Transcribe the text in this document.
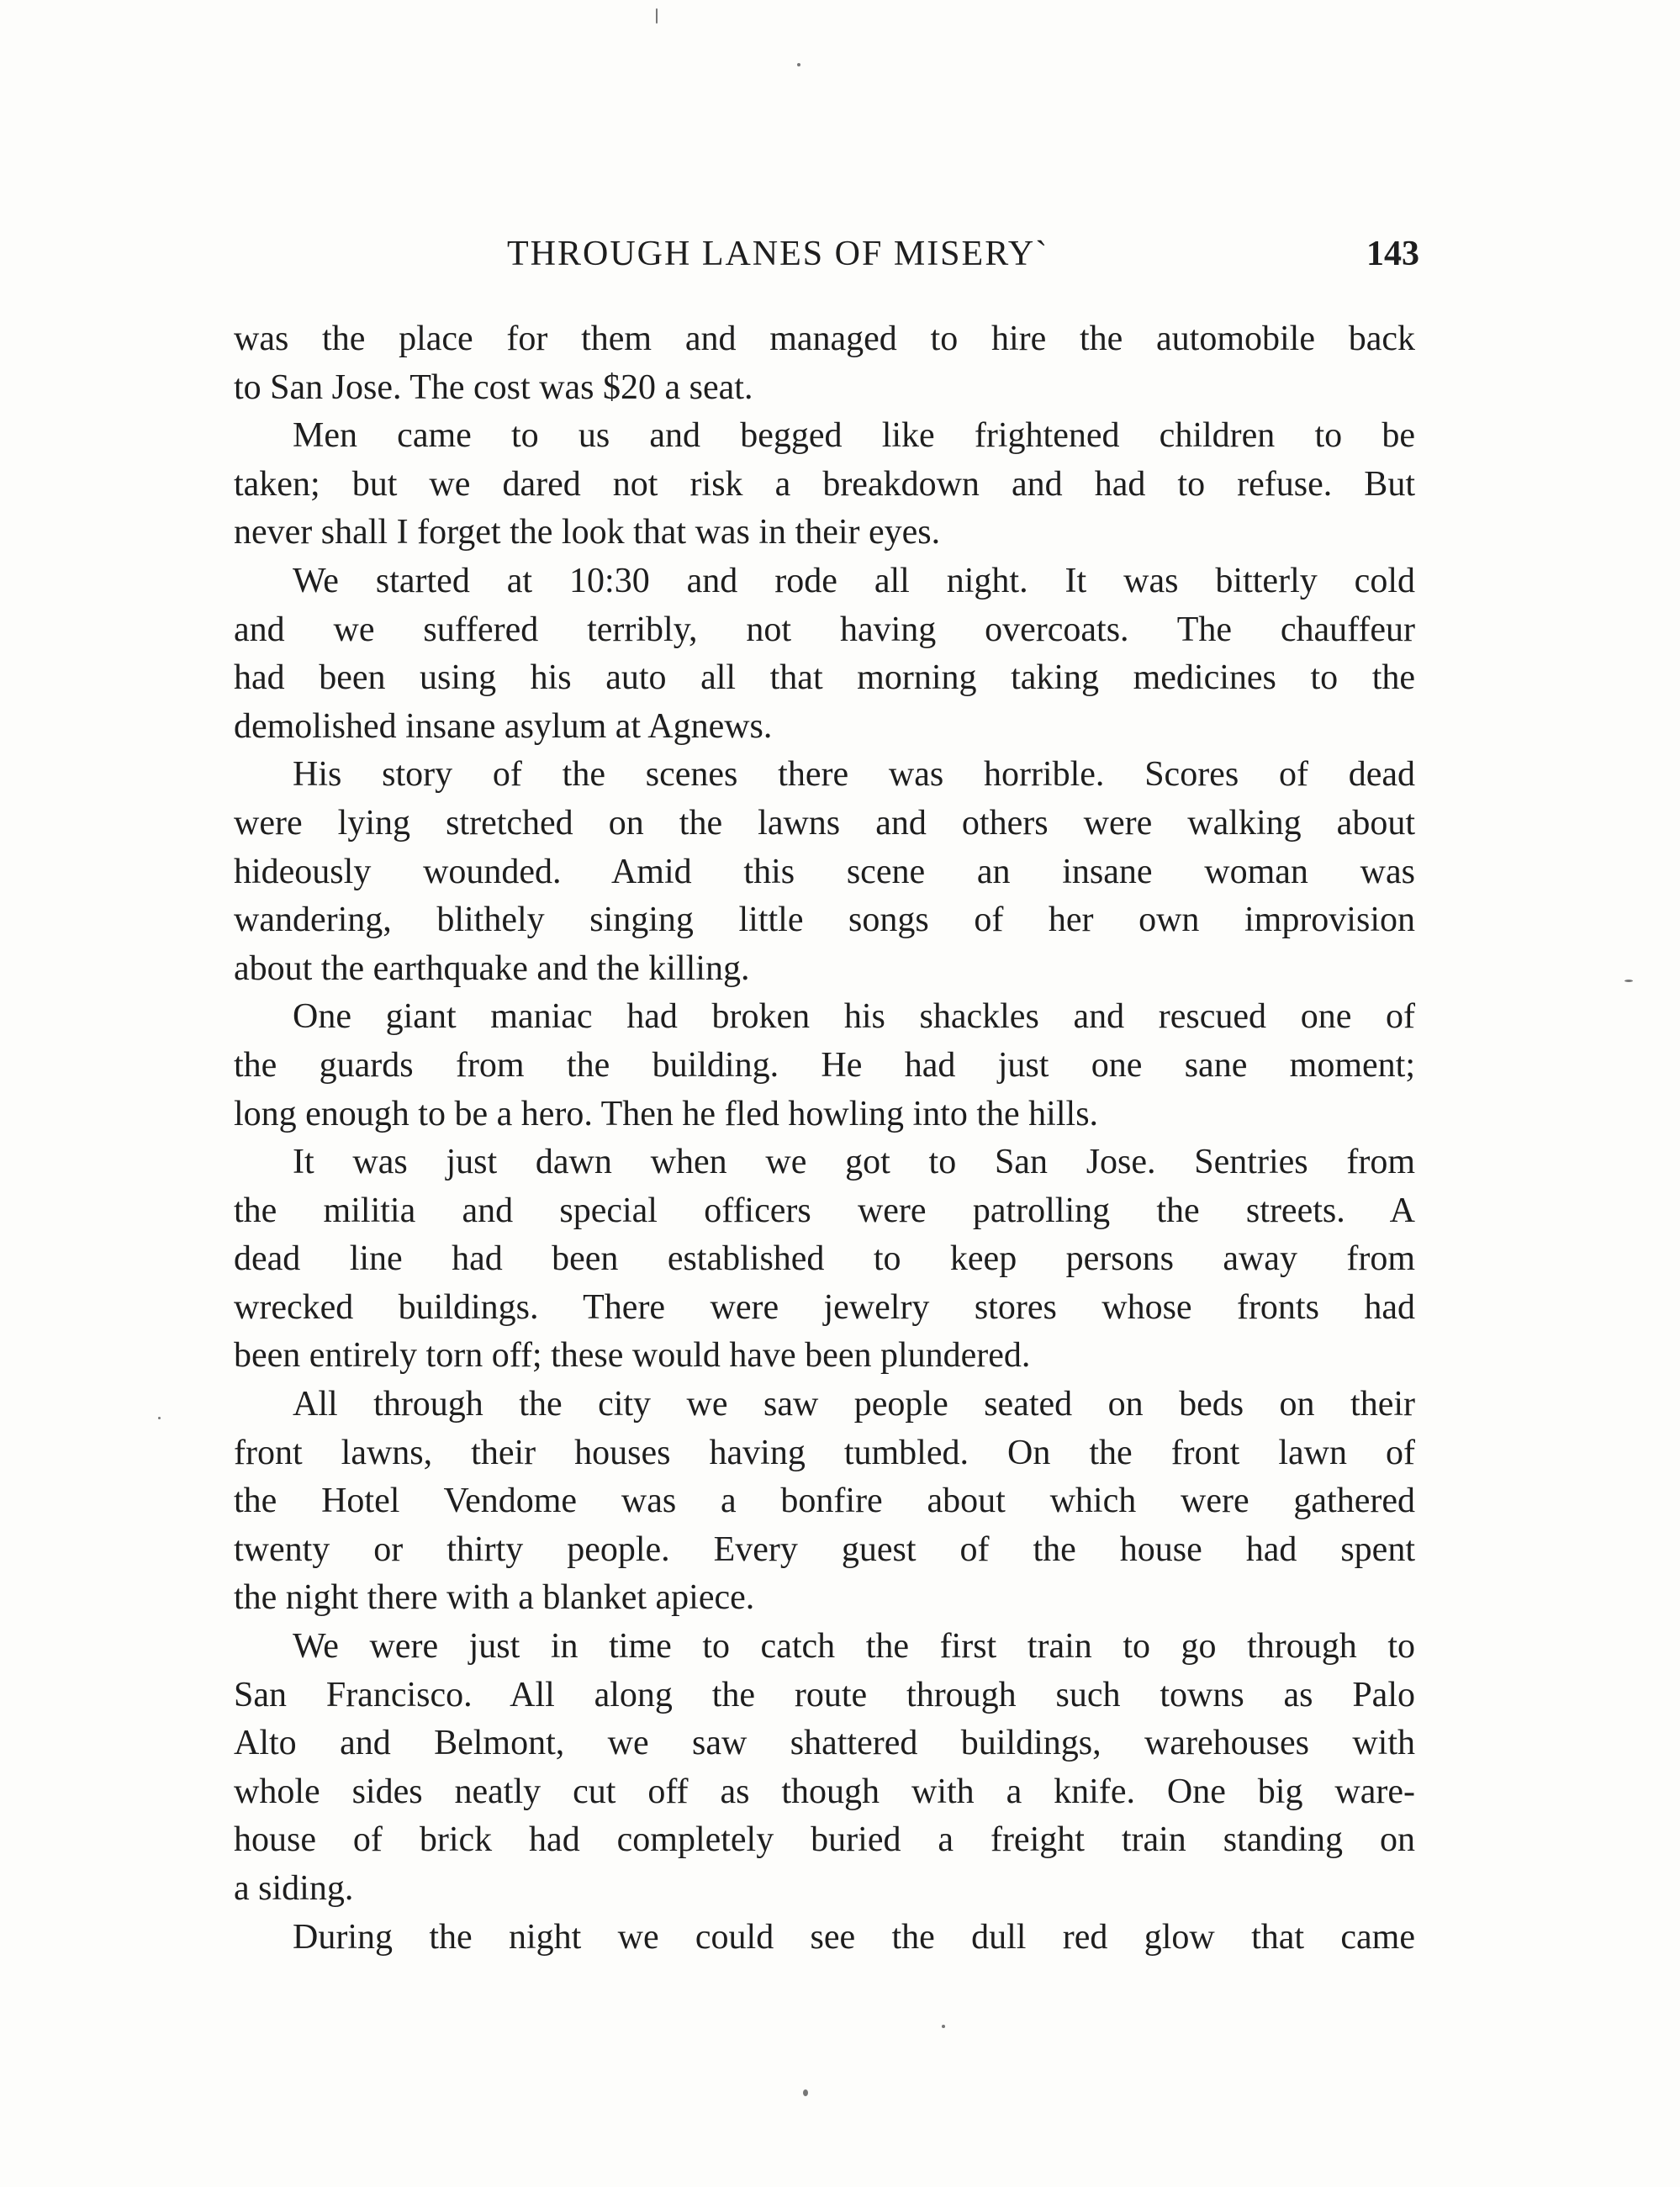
THROUGH LANES OF MISERY`	143
was the place for them and managed to hire the automobile back
to San Jose. The cost was $20 a seat.
Men came to us and begged like frightened children to be
taken; but we dared not risk a breakdown and had to refuse. But
never shall I forget the look that was in their eyes.
We started at 10:30 and rode all night. It was bitterly cold
and we suffered terribly, not having overcoats. The chauffeur
had been using his auto all that morning taking medicines to the
demolished insane asylum at Agnews.
His story of the scenes there was horrible. Scores of dead
were lying stretched on the lawns and others were walking about
hideously wounded. Amid this scene an insane woman was
wandering, blithely singing little songs of her own improvision
about the earthquake and the killing.
One giant maniac had broken his shackles and rescued one of
the guards from the building. He had just one sane moment;
long enough to be a hero. Then he fled howling into the hills.
It was just dawn when we got to San Jose. Sentries from
the militia and special officers were patrolling the streets. A
dead line had been established to keep persons away from
wrecked buildings. There were jewelry stores whose fronts had
been entirely torn off; these would have been plundered.
All through the city we saw people seated on beds on their
front lawns, their houses having tumbled. On the front lawn of
the Hotel Vendome was a bonfire about which were gathered
twenty or thirty people. Every guest of the house had spent
the night there with a blanket apiece.
We were just in time to catch the first train to go through to
San Francisco. All along the route through such towns as Palo
Alto and Belmont, we saw shattered buildings, warehouses with
whole sides neatly cut off as though with a knife. One big ware-
house of brick had completely buried a freight train standing on
a siding.
During the night we could see the dull red glow that came
